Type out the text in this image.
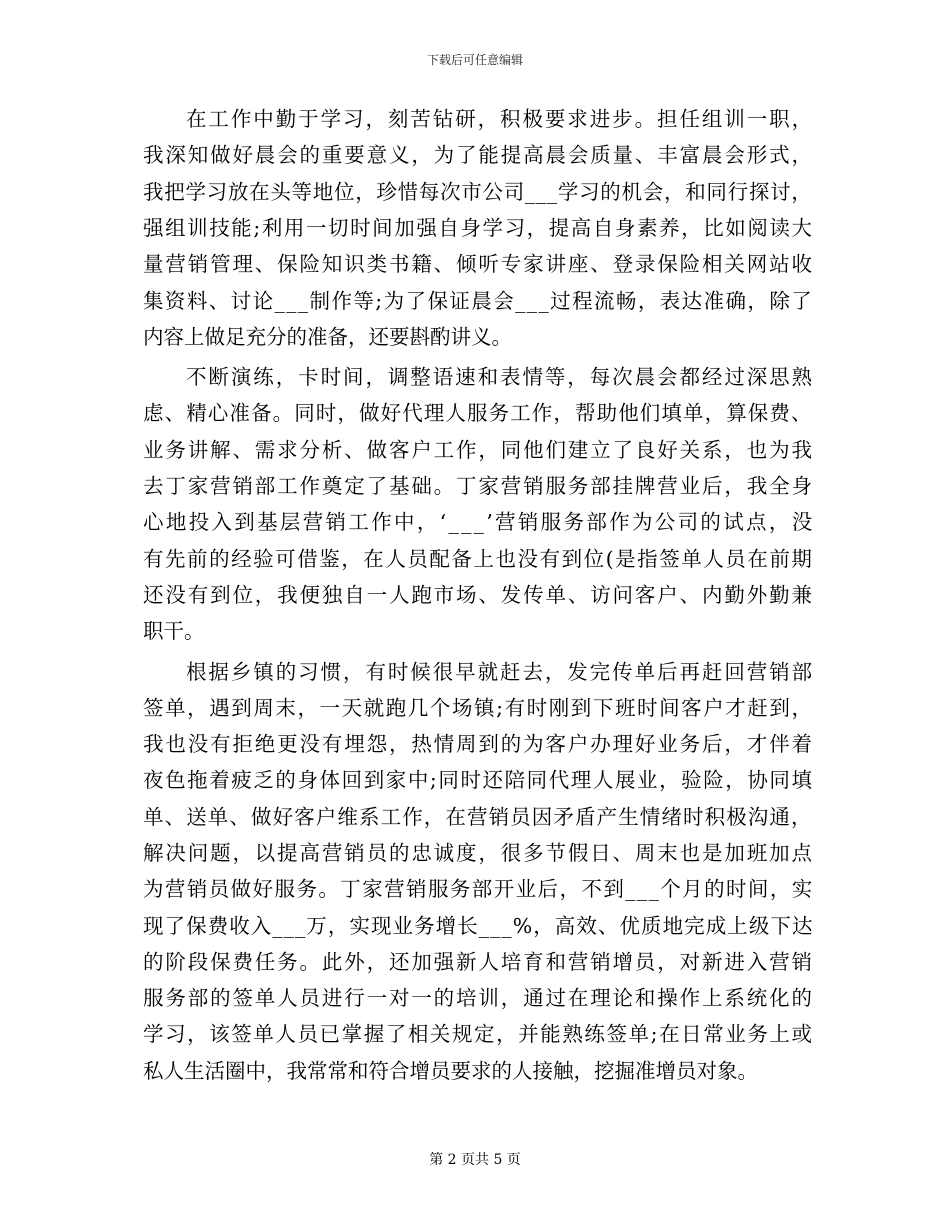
下载后可任意编辑
在工作中勤于学习，刻苦钻研，积极要求进步。担任组训一职，
我深知做好晨会的重要意义，为了能提高晨会质量、丰富晨会形式，
我把学习放在头等地位，珍惜每次市公司___学习的机会，和同行探讨，
强组训技能;利用一切时间加强自身学习，提高自身素养，比如阅读大
量营销管理、保险知识类书籍、倾听专家讲座、登录保险相关网站收
集资料、讨论___制作等;为了保证晨会___过程流畅，表达准确，除了
内容上做足充分的准备，还要斟酌讲义。
不断演练，卡时间，调整语速和表情等，每次晨会都经过深思熟
虑、精心准备。同时，做好代理人服务工作，帮助他们填单，算保费、
业务讲解、需求分析、做客户工作，同他们建立了良好关系，也为我
去丁家营销部工作奠定了基础。丁家营销服务部挂牌营业后，我全身
心地投入到基层营销工作中，‘___’营销服务部作为公司的试点，没
有先前的经验可借鉴，在人员配备上也没有到位(是指签单人员在前期
还没有到位，我便独自一人跑市场、发传单、访问客户、内勤外勤兼
职干。
根据乡镇的习惯，有时候很早就赶去，发完传单后再赶回营销部
签单，遇到周末，一天就跑几个场镇;有时刚到下班时间客户才赶到，
我也没有拒绝更没有埋怨，热情周到的为客户办理好业务后，才伴着
夜色拖着疲乏的身体回到家中;同时还陪同代理人展业，验险，协同填
单、送单、做好客户维系工作，在营销员因矛盾产生情绪时积极沟通，
解决问题，以提高营销员的忠诚度，很多节假日、周末也是加班加点
为营销员做好服务。丁家营销服务部开业后，不到___个月的时间，实
现了保费收入___万，实现业务增长___%，高效、优质地完成上级下达
的阶段保费任务。此外，还加强新人培育和营销增员，对新进入营销
服务部的签单人员进行一对一的培训，通过在理论和操作上系统化的
学习，该签单人员已掌握了相关规定，并能熟练签单;在日常业务上或
私人生活圈中，我常常和符合增员要求的人接触，挖掘准增员对象。
第 2 页共 5 页
